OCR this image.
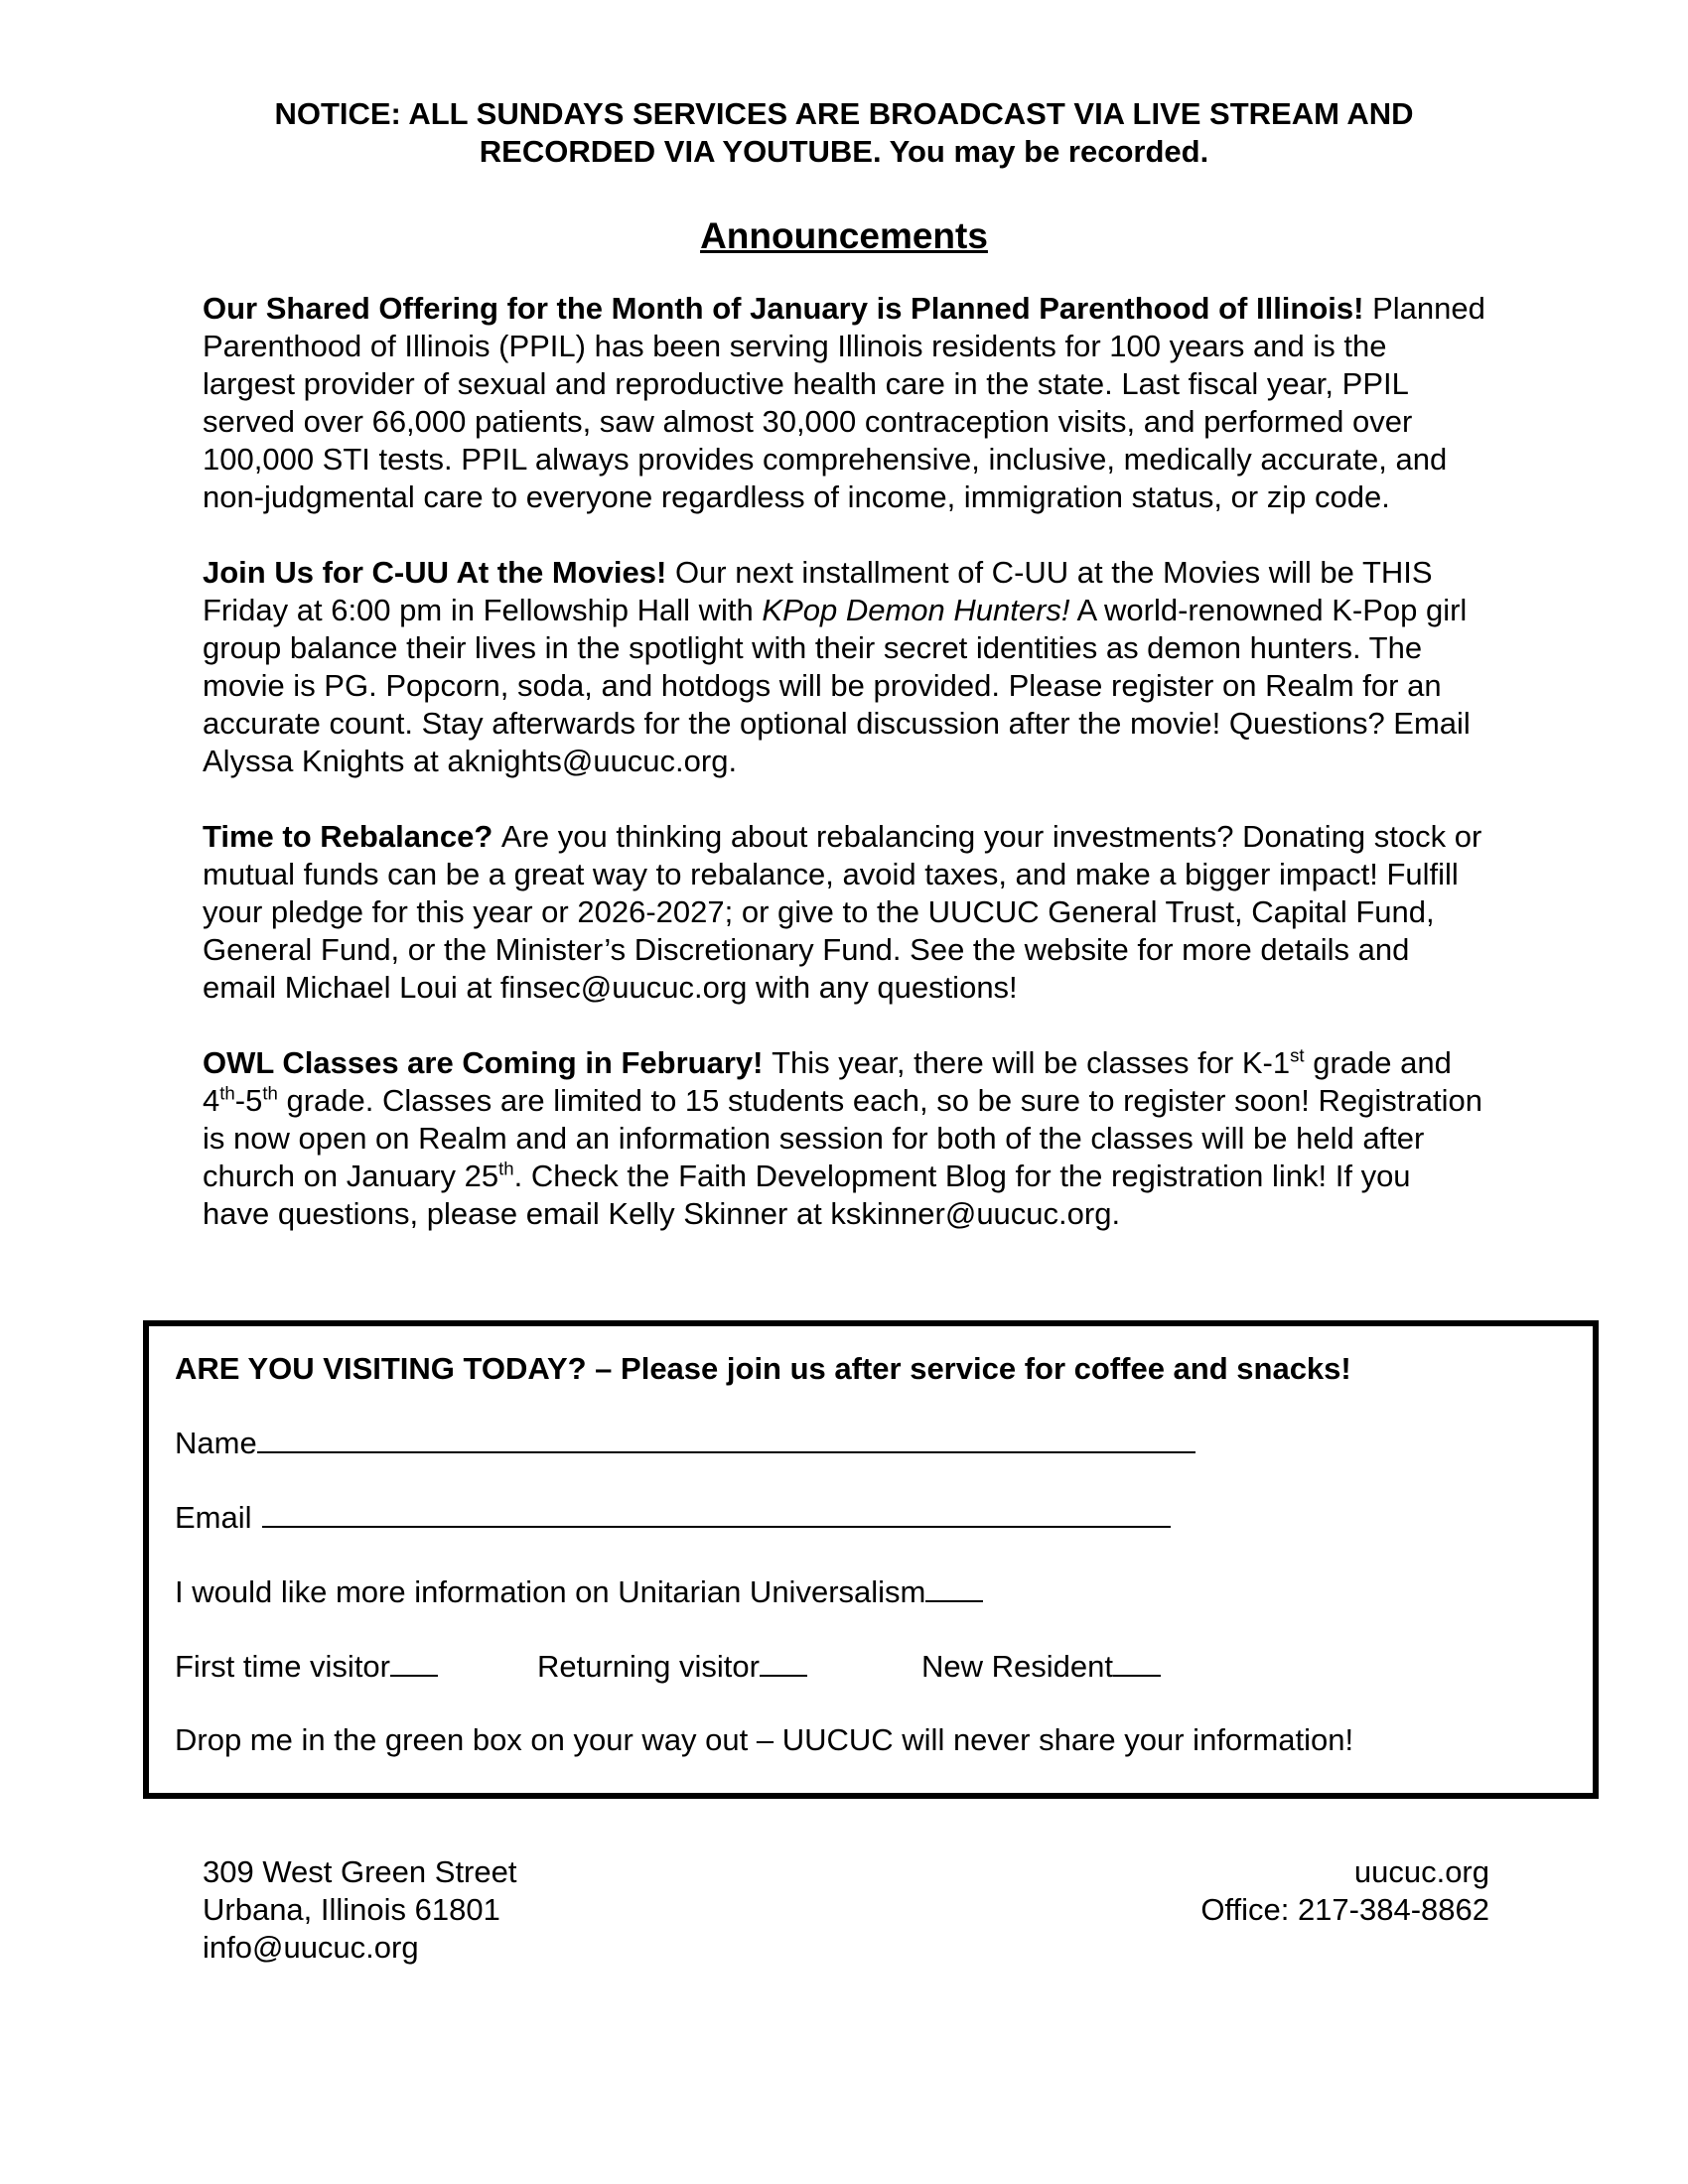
NOTICE: ALL SUNDAYS SERVICES ARE BROADCAST VIA LIVE STREAM AND RECORDED VIA YOUTUBE. You may be recorded.
Announcements

Our Shared Offering for the Month of January is Planned Parenthood of Illinois! Planned Parenthood of Illinois (PPIL) has been serving Illinois residents for 100 years and is the largest provider of sexual and reproductive health care in the state. Last fiscal year, PPIL served over 66,000 patients, saw almost 30,000 contraception visits, and performed over 100,000 STI tests. PPIL always provides comprehensive, inclusive, medically accurate, and non-judgmental care to everyone regardless of income, immigration status, or zip code.

Join Us for C-UU At the Movies! Our next installment of C-UU at the Movies will be THIS Friday at 6:00 pm in Fellowship Hall with KPop Demon Hunters! A world-renowned K-Pop girl group balance their lives in the spotlight with their secret identities as demon hunters. The movie is PG. Popcorn, soda, and hotdogs will be provided. Please register on Realm for an accurate count. Stay afterwards for the optional discussion after the movie! Questions? Email Alyssa Knights at aknights@uucuc.org.

Time to Rebalance? Are you thinking about rebalancing your investments? Donating stock or mutual funds can be a great way to rebalance, avoid taxes, and make a bigger impact! Fulfill your pledge for this year or 2026-2027; or give to the UUCUC General Trust, Capital Fund, General Fund, or the Minister’s Discretionary Fund. See the website for more details and email Michael Loui at finsec@uucuc.org with any questions!

OWL Classes are Coming in February! This year, there will be classes for K-1st grade and 4th-5th grade. Classes are limited to 15 students each, so be sure to register soon! Registration is now open on Realm and an information session for both of the classes will be held after church on January 25th. Check the Faith Development Blog for the registration link! If you have questions, please email Kelly Skinner at kskinner@uucuc.org.

ARE YOU VISITING TODAY? – Please join us after service for coffee and snacks!
Name
Email
I would like more information on Unitarian Universalism
First time visitor	Returning visitor	New Resident
Drop me in the green box on your way out – UUCUC will never share your information!
309 West Green Street
Urbana, Illinois 61801
info@uucuc.org
uucuc.org
Office: 217-384-8862
